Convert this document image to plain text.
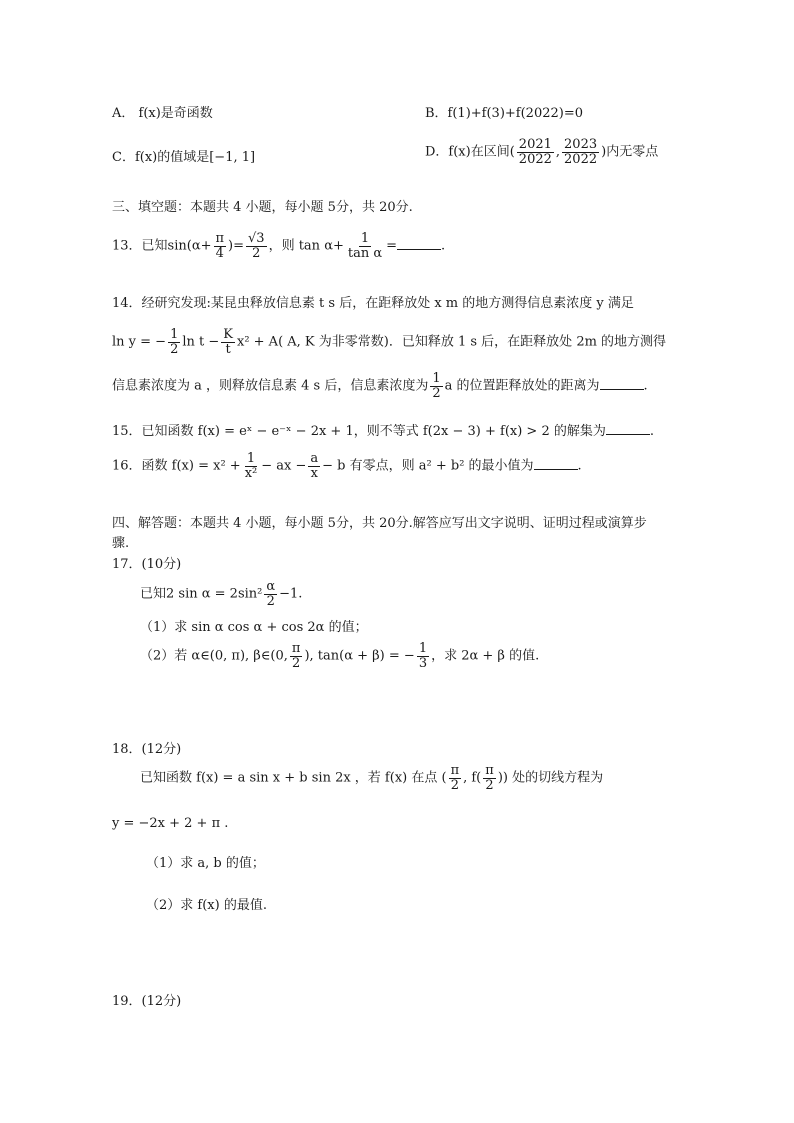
A． f(x)是奇函数	B．f(1)+f(3)+f(2022)=0
C．f(x)的值域是[−1, 1]	D．f(x)在区间( $\frac{2021}{2022}$ , $\frac{2023}{2022}$ )内无零点
三、填空题：本题共 4 小题，每小题 5分，共 20分.
13．已知$\sin(\alpha+ \frac{\pi}{4}$ )= $\frac{√3}{2}$ ，则 $\tan \alpha+ \frac{1}{\text{tan α}}$ =	.
14．经研究发现:某昆虫释放信息素 t s 后，在距释放处 x m 的地方测得信息素浓度 y 满足
ln y = − $\frac{1}{2}$ $\ln t - \frac{K}{t} x^2 + A$( A, K 为非零常数)．已知释放 1 s 后，在距释放处 2m 的地方测得
信息素浓度为 a ，则释放信息素 4 s 后，信息素浓度为 $\frac{1}{2}$ a 的位置距释放处的距离为	.
15．已知函数 f(x) = eˣ − e⁻ˣ − 2x + 1，则不等式 f(2x − 3) + f(x) > 2 的解集为	.
16．函数 $f(x) = x^2 + \frac{1}{\text{x²}}$ − ax − $\frac{a}{x} - b$ 有零点，则 a² + b² 的最小值为	.
四、解答题：本题共 4 小题，每小题 5分，共 20分.解答应写出文字说明、证明过程或演算步
骤.
17．(10分)
已知2 $\sin \alpha = 2\sin^2 \frac{\alpha}{2} -1$.
（1）求 sin α cos α + cos 2α 的值；
（2）若 α∈(0, π), β∈(0, $\frac{\pi}{2}$ ), tan(α + β) = − $\frac{1}{3}$ ，求 2α + β 的值.
18．(12分)
已知函数 f(x) = a sin x + b sin 2x ，若 f(x) 在点 ( $\frac{\pi}{2}$ , $f( \frac{\pi}{2}$ )) 处的切线方程为
y = −2x + 2 + π .
（1）求 a, b 的值；
（2）求 f(x) 的最值.
19．(12分)
